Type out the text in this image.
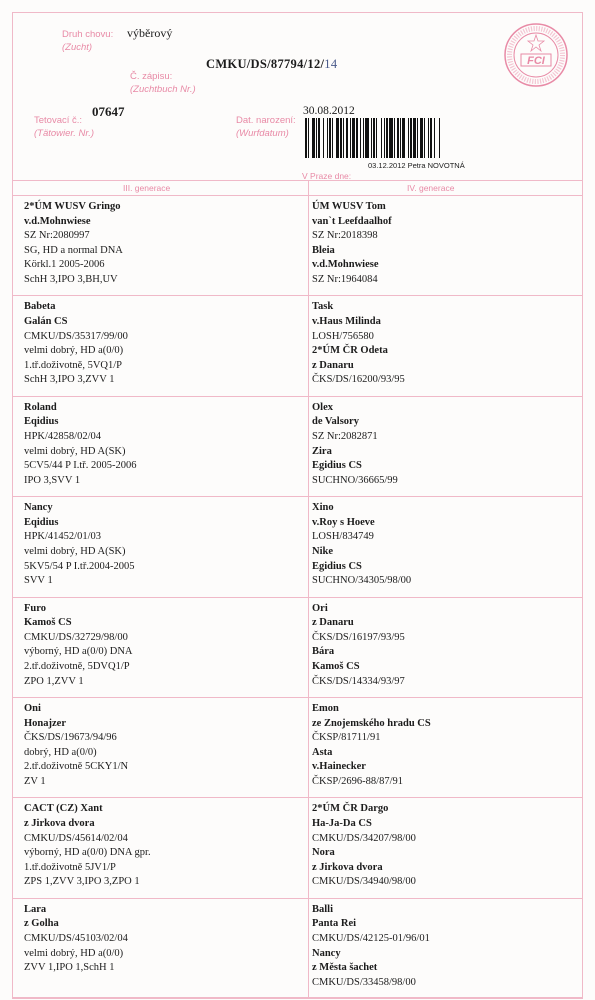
Druh chovu:
(Zucht)
výběrový
Č. zápisu:
(Zuchtbuch Nr.)
CMKU/DS/87794/12/14
Tetovací č.:
(Tätowier. Nr.)
07647
Dat. narození:
(Wurfdatum)
30.08.2012
03.12.2012 Petra NOVOTNÁ
V Praze dne:
FCI
III. generace	IV. generace
2*ÚM WUSV Gringo
v.d.Mohnwiese
SZ Nr:2080997
SG, HD a normal DNA
Körkl.1 2005-2006
SchH 3,IPO 3,BH,UV
ÚM WUSV Tom
van`t Leefdaalhof
SZ Nr:2018398
Bleia
v.d.Mohnwiese
SZ Nr:1964084
Babeta
Galán CS
CMKU/DS/35317/99/00
velmi dobrý, HD a(0/0)
1.tř.doživotně, 5VQ1/P
SchH 3,IPO 3,ZVV 1
Task
v.Haus Milinda
LOSH/756580
2*ÚM ČR Odeta
z Danaru
ČKS/DS/16200/93/95
Roland
Eqidius
HPK/42858/02/04
velmi dobrý, HD A(SK)
5CV5/44 P I.tř. 2005-2006
IPO 3,SVV 1
Olex
de Valsory
SZ Nr:2082871
Zira
Egidius CS
SUCHNO/36665/99
Nancy
Eqidius
HPK/41452/01/03
velmi dobrý, HD A(SK)
5KV5/54 P I.tř.2004-2005
SVV 1
Xino
v.Roy s Hoeve
LOSH/834749
Nike
Egidius CS
SUCHNO/34305/98/00
Furo
Kamoš CS
CMKU/DS/32729/98/00
výborný, HD a(0/0) DNA
2.tř.doživotně, 5DVQ1/P
ZPO 1,ZVV 1
Ori
z Danaru
ČKS/DS/16197/93/95
Bára
Kamoš CS
ČKS/DS/14334/93/97
Oni
Honajzer
ČKS/DS/19673/94/96
dobrý, HD a(0/0)
2.tř.doživotně 5CKY1/N
ZV 1
Emon
ze Znojemského hradu CS
ČKSP/81711/91
Asta
v.Hainecker
ČKSP/2696-88/87/91
CACT (CZ) Xant
z Jirkova dvora
CMKU/DS/45614/02/04
výborný, HD a(0/0) DNA gpr.
1.tř.doživotně 5JV1/P
ZPS 1,ZVV 3,IPO 3,ZPO 1
2*ÚM ČR Dargo
Ha-Ja-Da CS
CMKU/DS/34207/98/00
Nora
z Jirkova dvora
CMKU/DS/34940/98/00
Lara
z Golha
CMKU/DS/45103/02/04
velmi dobrý, HD a(0/0)
ZVV 1,IPO 1,SchH 1
Balli
Panta Rei
CMKU/DS/42125-01/96/01
Nancy
z Města šachet
CMKU/DS/33458/98/00
